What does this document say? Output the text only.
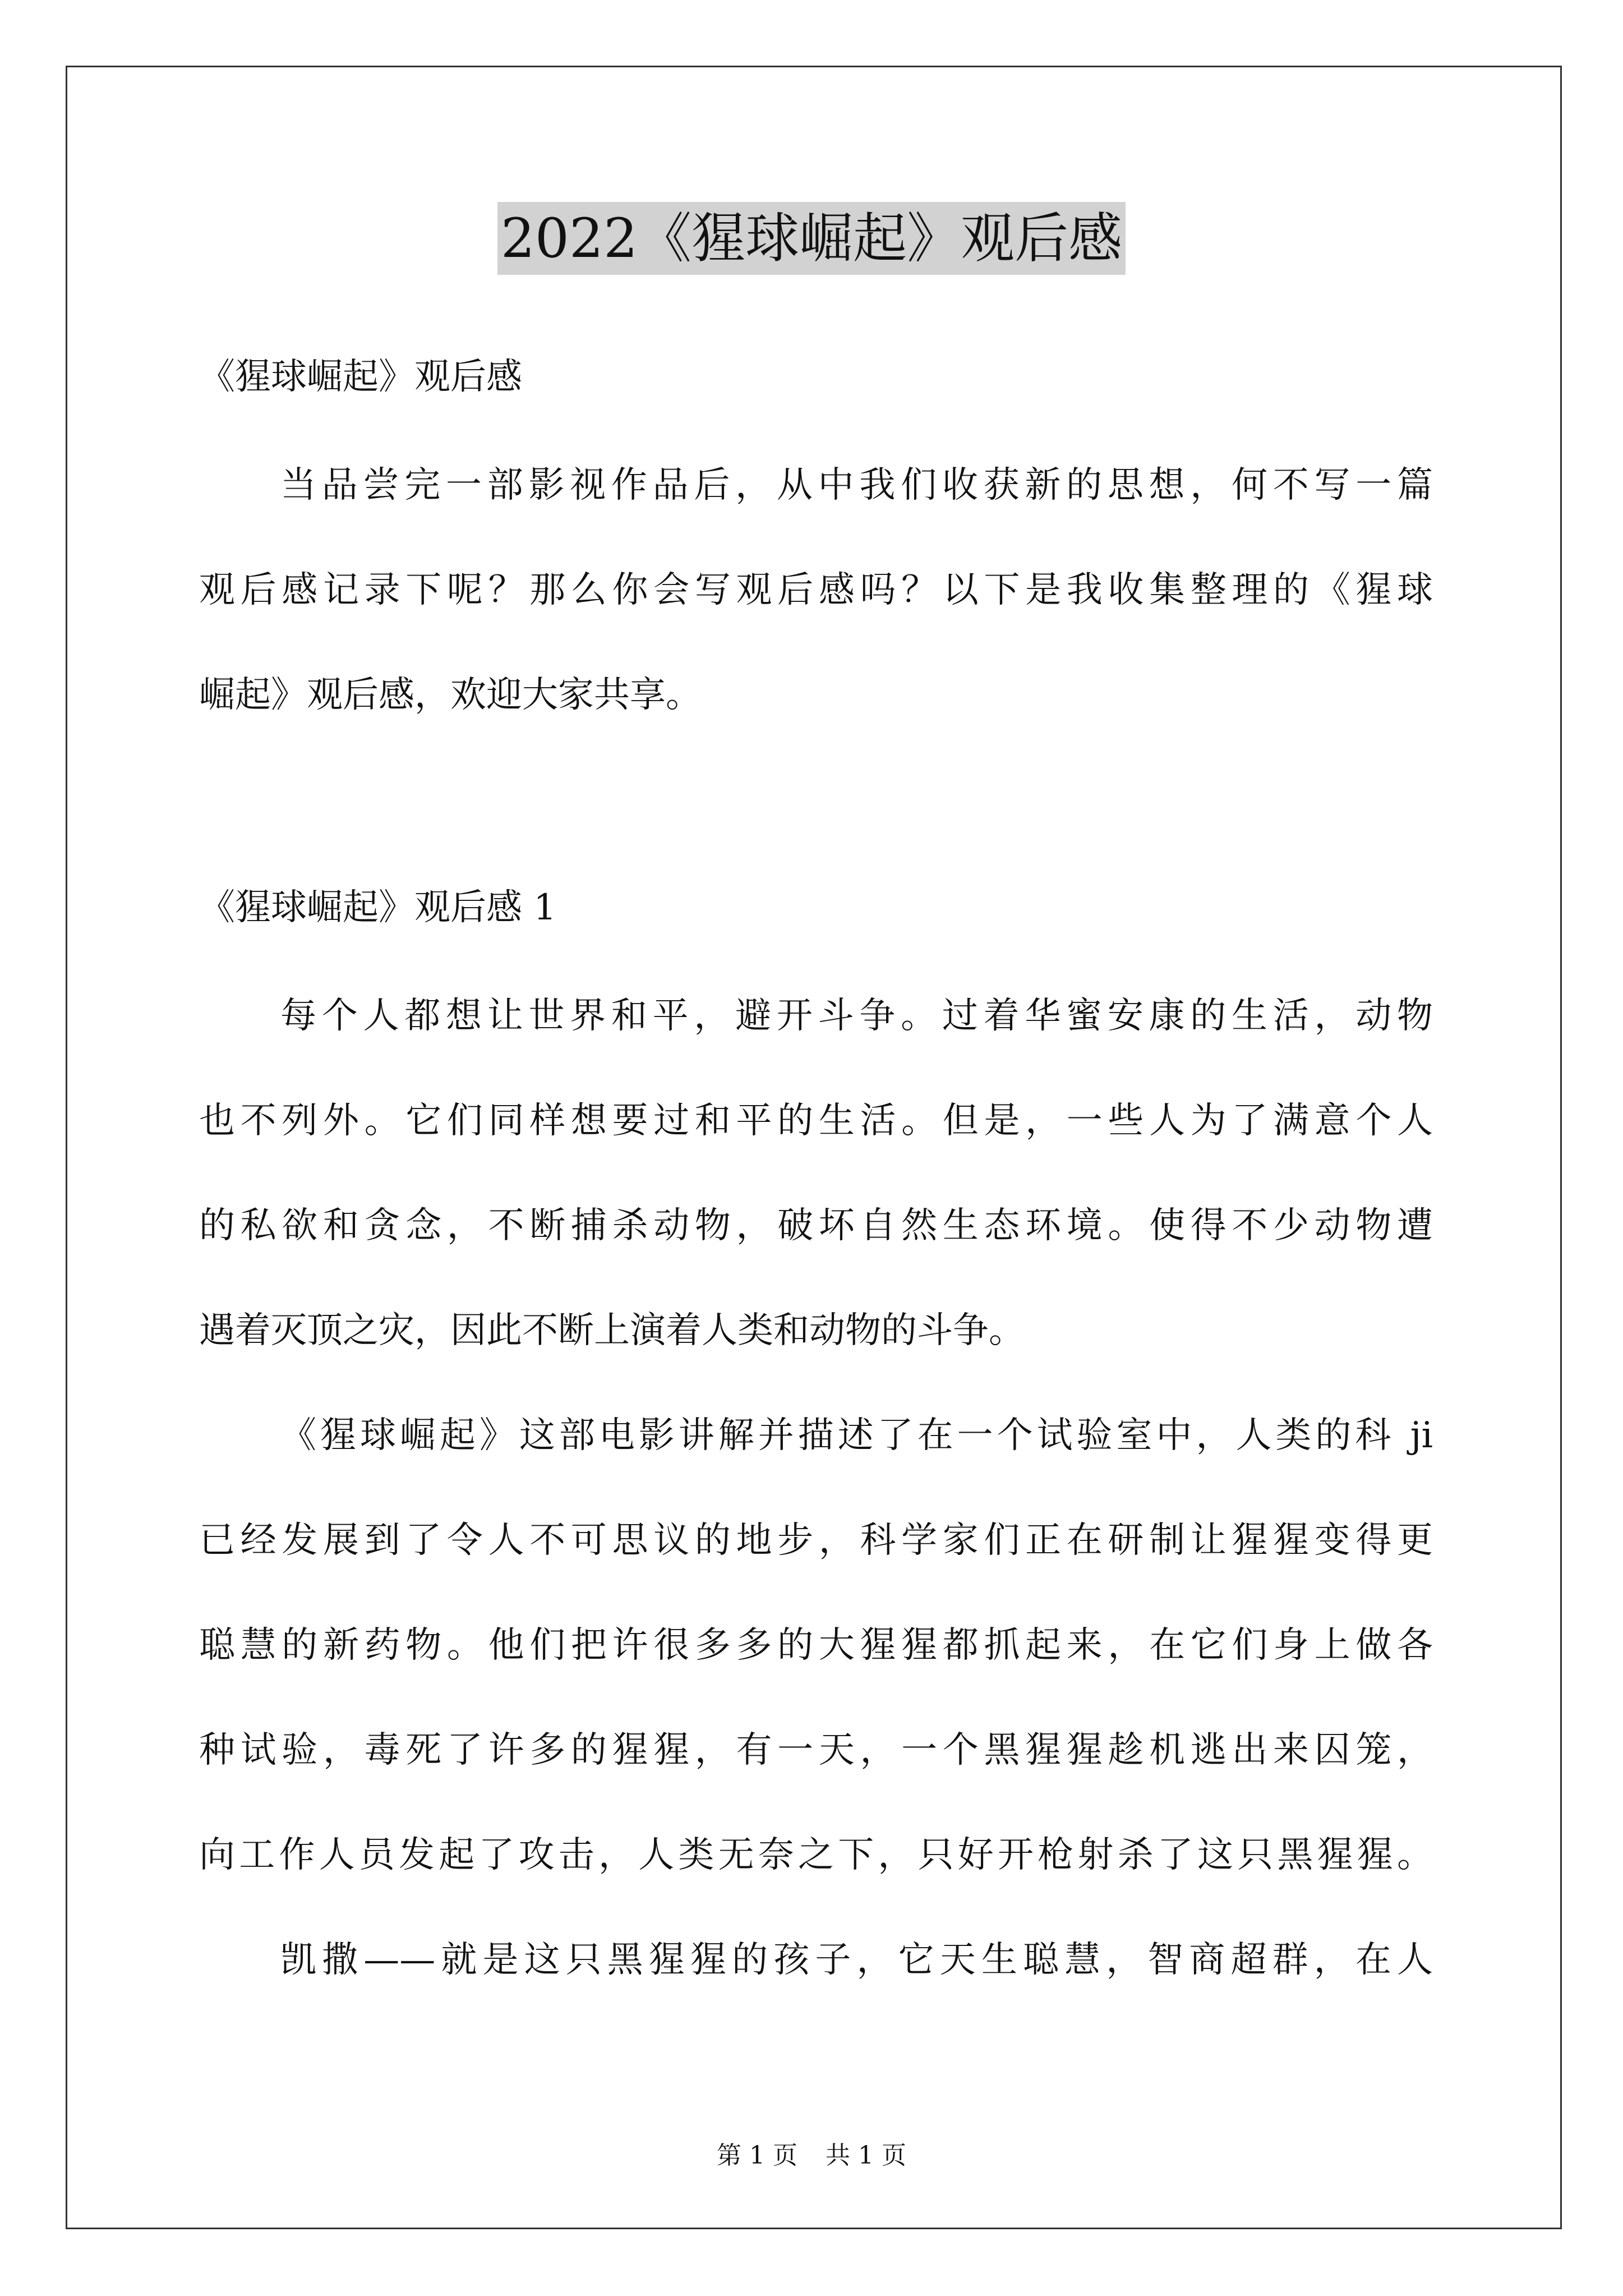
2022《猩球崛起》观后感
《猩球崛起》观后感
当品尝完一部影视作品后，从中我们收获新的思想，何不写一篇
观后感记录下呢？那么你会写观后感吗？以下是我收集整理的《猩球
崛起》观后感，欢迎大家共享。
《猩球崛起》观后感 1
每个人都想让世界和平，避开斗争。过着华蜜安康的生活，动物
也不列外。它们同样想要过和平的生活。但是，一些人为了满意个人
的私欲和贪念，不断捕杀动物，破坏自然生态环境。使得不少动物遭
遇着灭顶之灾，因此不断上演着人类和动物的斗争。
《猩球崛起》这部电影讲解并描述了在一个试验室中，人类的科 ji
已经发展到了令人不可思议的地步，科学家们正在研制让猩猩变得更
聪慧的新药物。他们把许很多多的大猩猩都抓起来，在它们身上做各
种试验，毒死了许多的猩猩，有一天，一个黑猩猩趁机逃出来囚笼，
向工作人员发起了攻击，人类无奈之下，只好开枪射杀了这只黑猩猩。
凯撒——就是这只黑猩猩的孩子，它天生聪慧，智商超群，在人
第 1 页 共 1 页
